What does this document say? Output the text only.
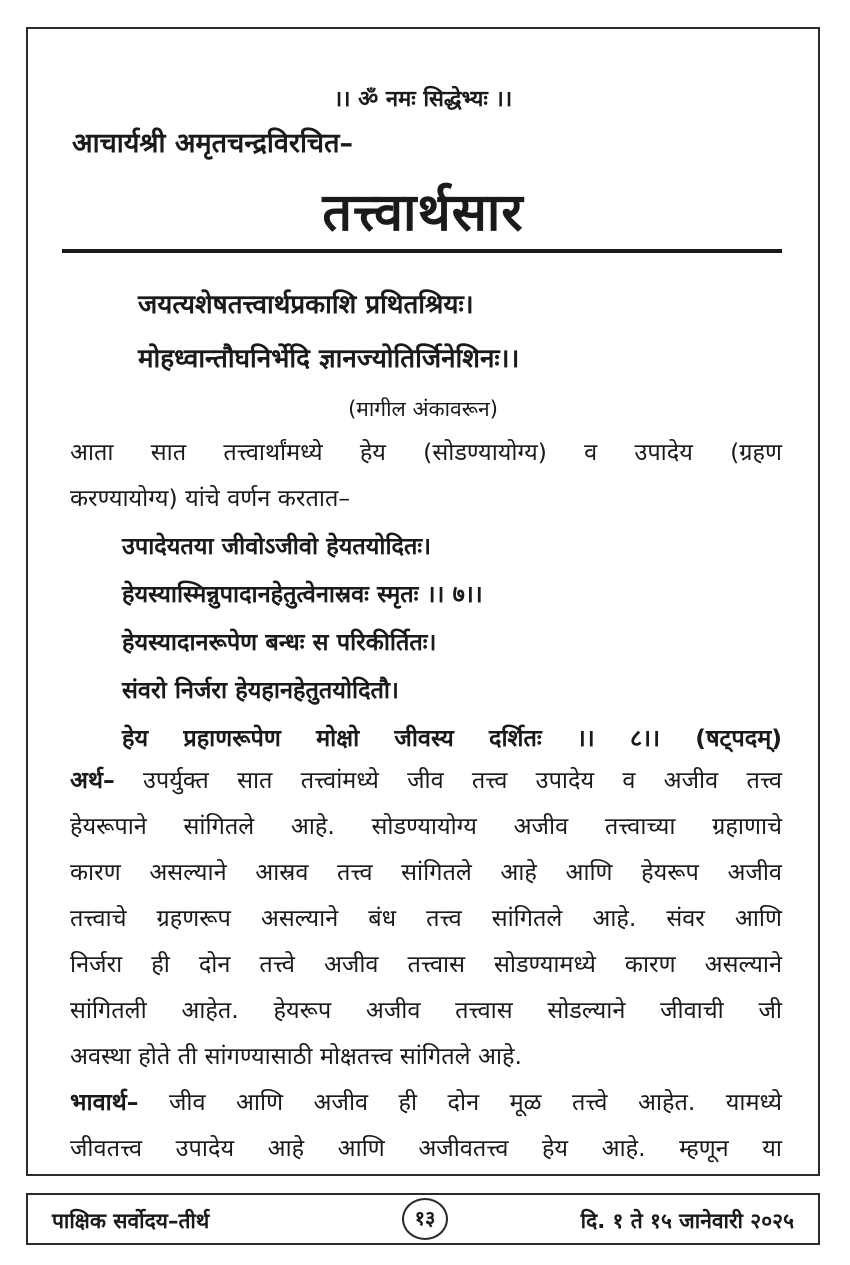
।। ॐ नमः सिद्धेभ्यः ।।
आचार्यश्री अमृतचन्द्रविरचित–
तत्त्वार्थसार
जयत्यशेषतत्त्वार्थप्रकाशि प्रथितश्रियः।
मोहध्वान्तौघनिर्भेदि ज्ञानज्योतिर्जिनेशिनः।।
(मागील अंकावरून)
आता सात तत्त्वार्थांमध्ये हेय (सोडण्यायोग्य) व उपादेय (ग्रहण
करण्यायोग्य) यांचे वर्णन करतात–
उपादेयतया जीवोऽजीवो हेयतयोदितः।
हेयस्यास्मिन्नुपादानहेतुत्वेनास्रवः स्मृतः ।। ७।।
हेयस्यादानरूपेण बन्धः स परिकीर्तितः।
संवरो निर्जरा हेयहानहेतुतयोदितौ।
हेय प्रहाणरूपेण मोक्षो जीवस्य दर्शितः ।। ८।। (षट्पदम्)
अर्थ– उपर्युक्त सात तत्त्वांमध्ये जीव तत्त्व उपादेय व अजीव तत्त्व
हेयरूपाने सांगितले आहे. सोडण्यायोग्य अजीव तत्त्वाच्या ग्रहाणाचे
कारण असल्याने आस्रव तत्त्व सांगितले आहे आणि हेयरूप अजीव
तत्त्वाचे ग्रहणरूप असल्याने बंध तत्त्व सांगितले आहे. संवर आणि
निर्जरा ही दोन तत्त्वे अजीव तत्त्वास सोडण्यामध्ये कारण असल्याने
सांगितली आहेत. हेयरूप अजीव तत्त्वास सोडल्याने जीवाची जी
अवस्था होते ती सांगण्यासाठी मोक्षतत्त्व सांगितले आहे.
भावार्थ– जीव आणि अजीव ही दोन मूळ तत्त्वे आहेत. यामध्ये
जीवतत्त्व उपादेय आहे आणि अजीवतत्त्व हेय आहे. म्हणून या
पाक्षिक सर्वोदय–तीर्थ	१३	दि. १ ते १५ जानेवारी २०२५
